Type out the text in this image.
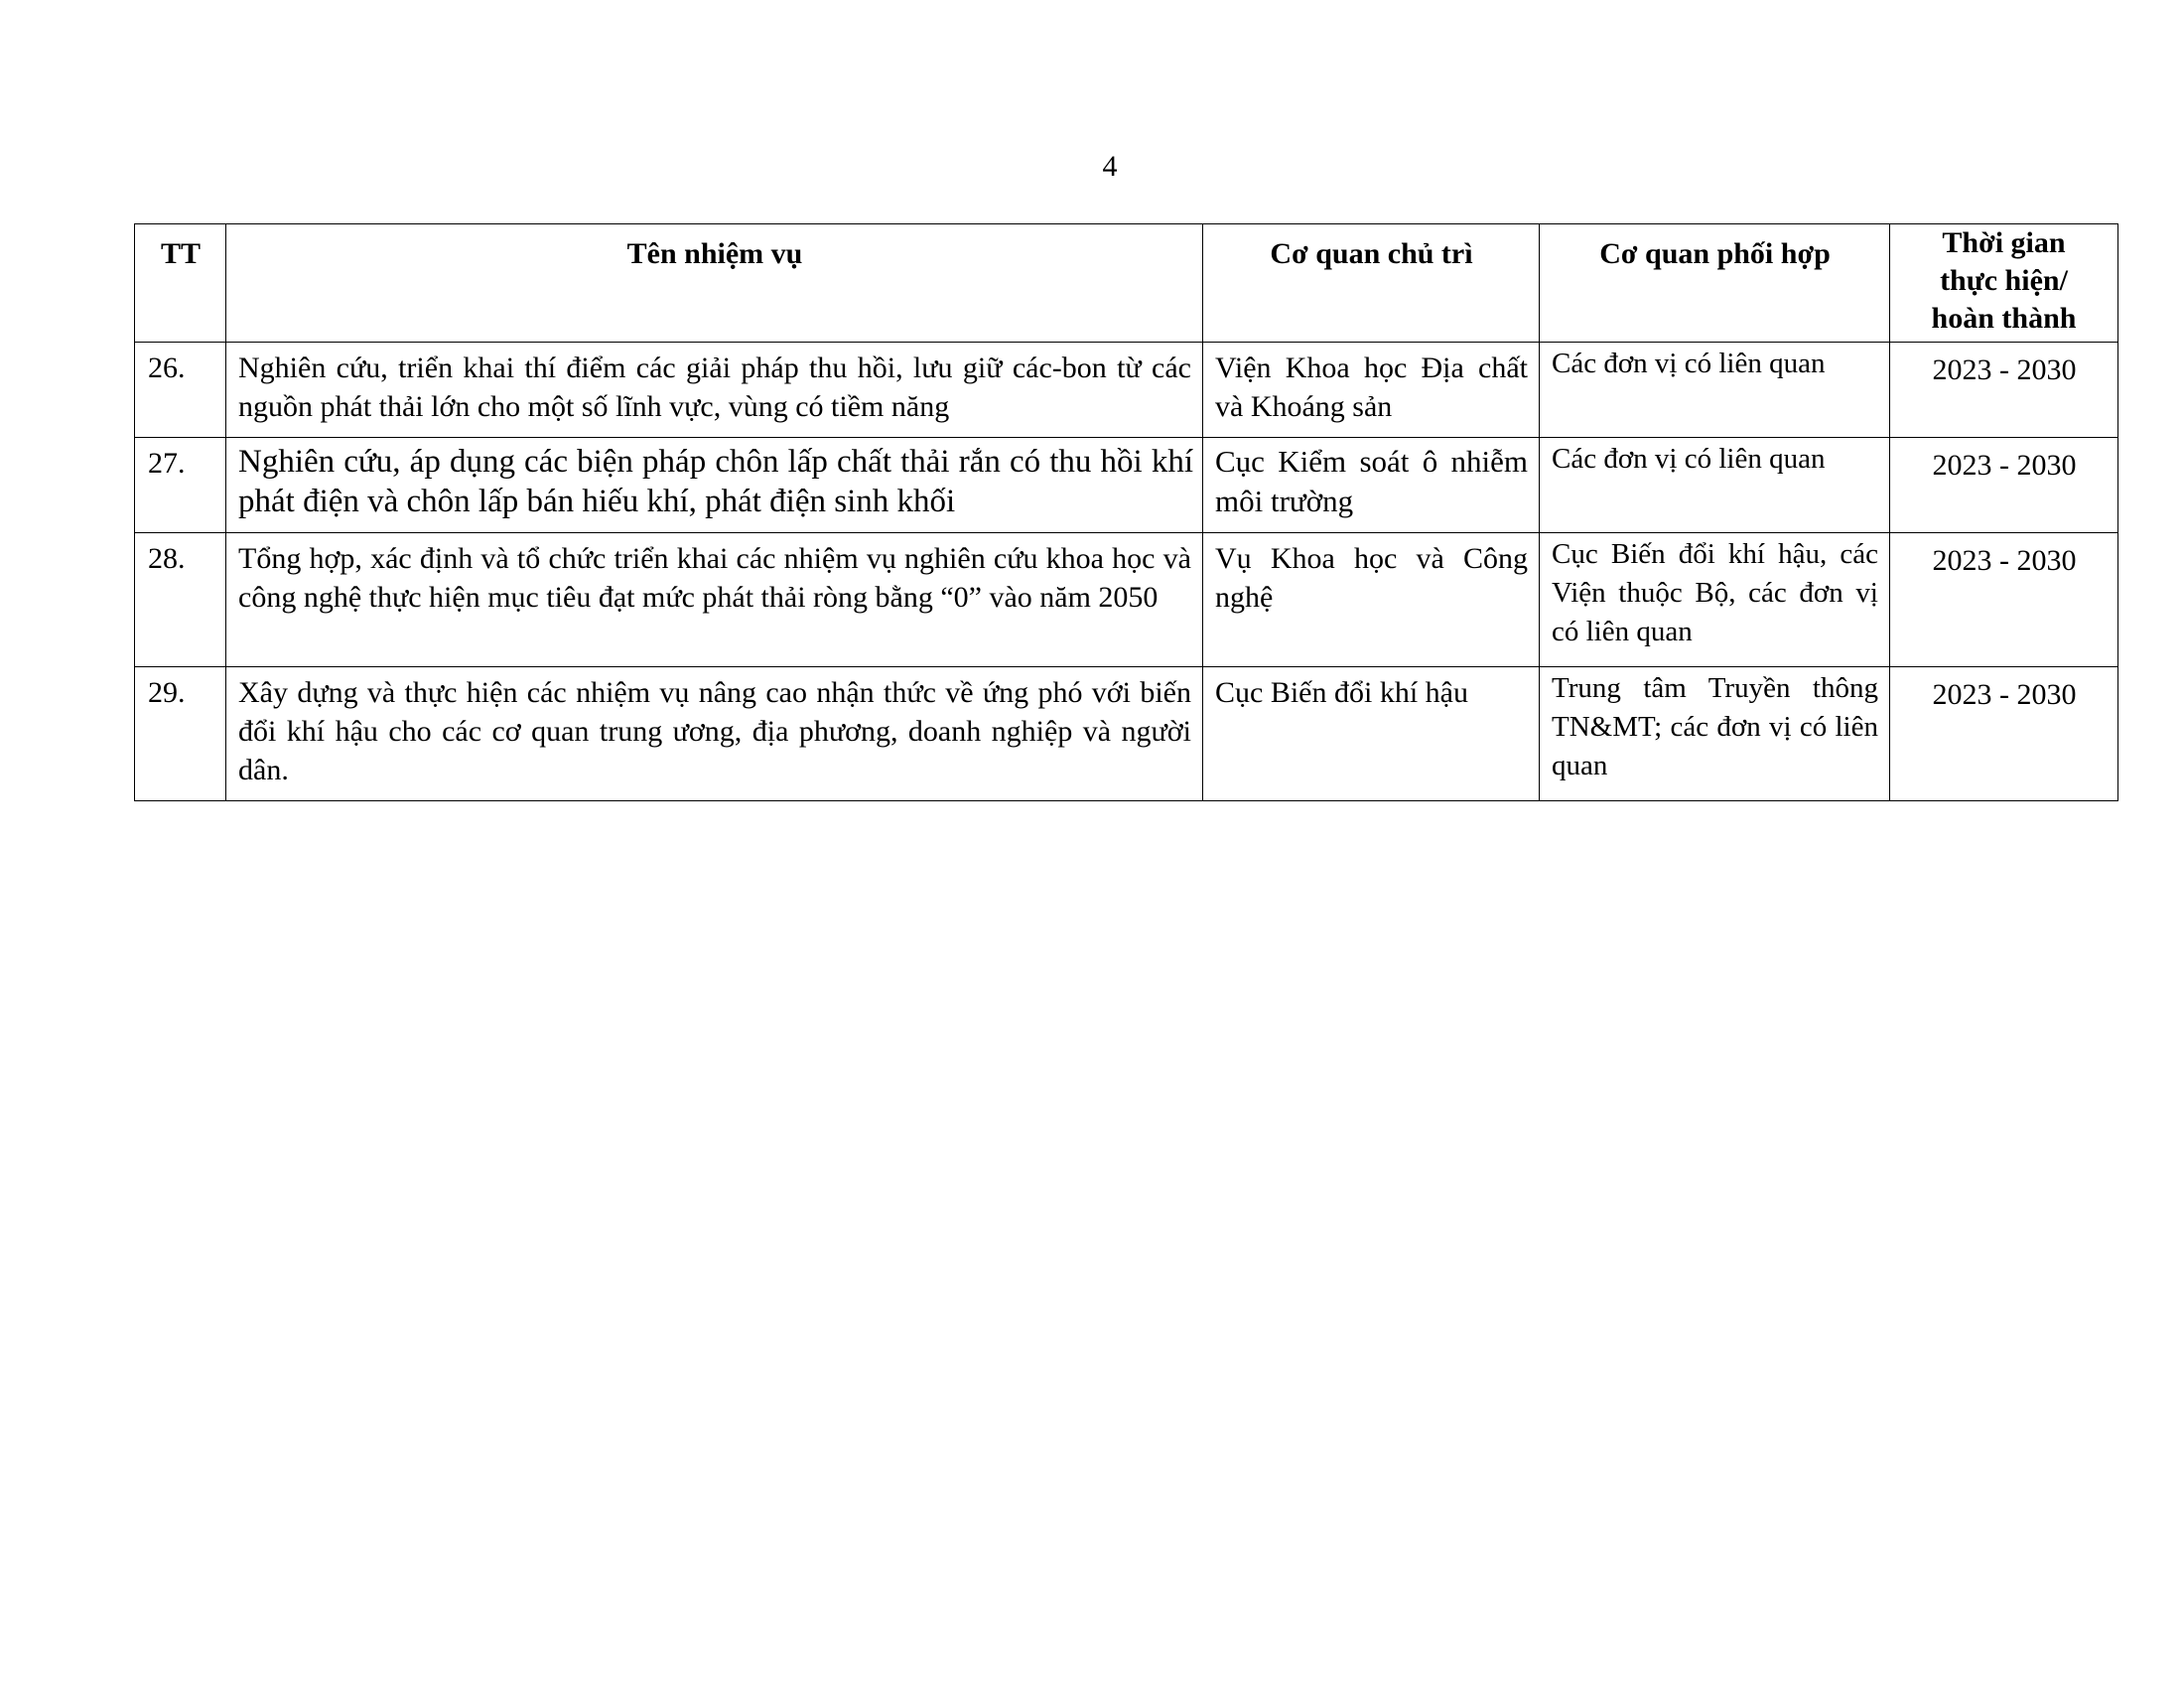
4
TT	Tên nhiệm vụ	Cơ quan chủ trì	Cơ quan phối hợp	Thời gian
thực hiện/
hoàn thành

26.	Nghiên cứu, triển khai thí điểm các giải pháp thu hồi, lưu giữ các-bon từ các nguồn phát thải lớn cho một số lĩnh vực, vùng có tiềm năng	Viện Khoa học Địa chất và Khoáng sản	Các đơn vị có liên quan	2023 - 2030
27.	Nghiên cứu, áp dụng các biện pháp chôn lấp chất thải rắn có thu hồi khí phát điện và chôn lấp bán hiếu khí, phát điện sinh khối	Cục Kiểm soát ô nhiễm môi trường	Các đơn vị có liên quan	2023 - 2030
28.	Tổng hợp, xác định và tổ chức triển khai các nhiệm vụ nghiên cứu khoa học và công nghệ thực hiện mục tiêu đạt mức phát thải ròng bằng “0” vào năm 2050	Vụ Khoa học và Công nghệ	Cục Biến đổi khí hậu, các Viện thuộc Bộ, các đơn vị có liên quan	2023 - 2030
29.	Xây dựng và thực hiện các nhiệm vụ nâng cao nhận thức về ứng phó với biến đổi khí hậu cho các cơ quan trung ương, địa phương, doanh nghiệp và người dân.	Cục Biến đổi khí hậu	Trung tâm Truyền thông TN&MT; các đơn vị có liên quan	2023 - 2030
